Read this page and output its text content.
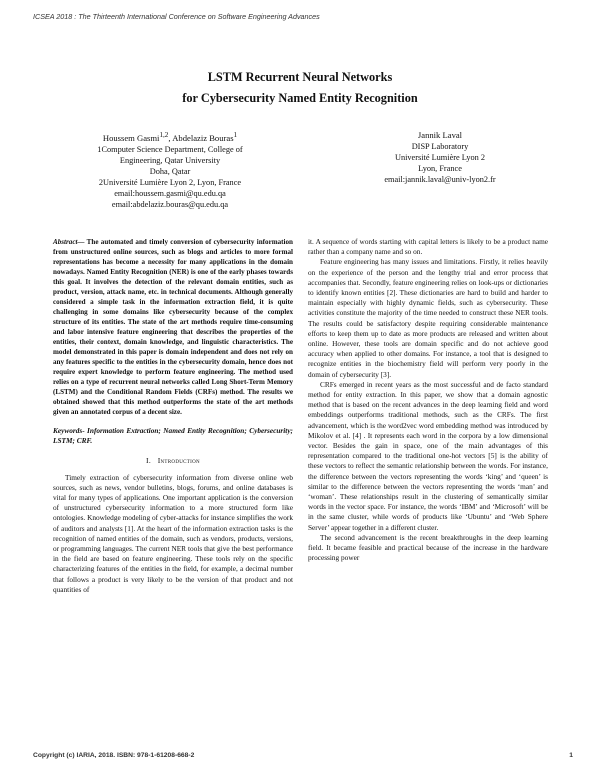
ICSEA 2018 : The Thirteenth International Conference on Software Engineering Advances
LSTM Recurrent Neural Networks
for Cybersecurity Named Entity Recognition
Houssem Gasmi$^{1,2}$, Abdelaziz Bouras$^1$
1Computer Science Department, College of
Engineering, Qatar University
Doha, Qatar
2Université Lumière Lyon 2, Lyon, France
email:houssem.gasmi@qu.edu.qa
email:abdelaziz.bouras@qu.edu.qa
Jannik Laval
DISP Laboratory
Université Lumière Lyon 2
Lyon, France
email:jannik.laval@univ-lyon2.fr

Abstract— The automated and timely conversion of cybersecurity information from unstructured online sources, such as blogs and articles to more formal representations has become a necessity for many applications in the domain nowadays. Named Entity Recognition (NER) is one of the early phases towards this goal. It involves the detection of the relevant domain entities, such as product, version, attack name, etc. in technical documents. Although generally considered a simple task in the information extraction field, it is quite challenging in some domains like cybersecurity because of the complex structure of its entities. The state of the art methods require time-consuming and labor intensive feature engineering that describes the properties of the entities, their context, domain knowledge, and linguistic characteristics. The model demonstrated in this paper is domain independent and does not rely on any features specific to the entities in the cybersecurity domain, hence does not require expert knowledge to perform feature engineering. The method used relies on a type of recurrent neural networks called Long Short-Term Memory (LSTM) and the Conditional Random Fields (CRFs) method. The results we obtained showed that this method outperforms the state of the art methods given an annotated corpus of a decent size.

Keywords- Information Extraction; Named Entity Recognition; Cybersecurity; LSTM; CRF.

I. Introduction

Timely extraction of cybersecurity information from diverse online web sources, such as news, vendor bulletins, blogs, forums, and online databases is vital for many types of applications. One important application is the conversion of unstructured cybersecurity information to a more structured form like ontologies. Knowledge modeling of cyber-attacks for instance simplifies the work of auditors and analysts [1]. At the heart of the information extraction tasks is the recognition of named entities of the domain, such as vendors, products, versions, or programming languages. The current NER tools that give the best performance in the field are based on feature engineering. These tools rely on the specific characterizing features of the entities in the field, for example, a decimal number that follows a product is very likely to be the version of that product and not quantities of

it. A sequence of words starting with capital letters is likely to be a product name rather than a company name and so on.

Feature engineering has many issues and limitations. Firstly, it relies heavily on the experience of the person and the lengthy trial and error process that accompanies that. Secondly, feature engineering relies on look-ups or dictionaries to identify known entities [2]. These dictionaries are hard to build and harder to maintain especially with highly dynamic fields, such as cybersecurity. These activities constitute the majority of the time needed to construct these NER tools. The results could be satisfactory despite requiring considerable maintenance efforts to keep them up to date as more products are released and written about online. However, these tools are domain specific and do not achieve good accuracy when applied to other domains. For instance, a tool that is designed to recognize entities in the biochemistry field will perform very poorly in the domain of cybersecurity [3].

CRFs emerged in recent years as the most successful and de facto standard method for entity extraction. In this paper, we show that a domain agnostic method that is based on the recent advances in the deep learning field and word embeddings outperforms traditional methods, such as the CRFs. The first advancement, which is the word2vec word embedding method was introduced by Mikolov et al. [4] . It represents each word in the corpora by a low dimensional vector. Besides the gain in space, one of the main advantages of this representation compared to the traditional one-hot vectors [5] is the ability of these vectors to reflect the semantic relationship between the words. For instance, the difference between the vectors representing the words ‘king’ and ‘queen’ is similar to the difference between the vectors representing the words ‘man’ and ‘woman’. These relationships result in the clustering of semantically similar words in the vector space. For instance, the words ‘IBM’ and ‘Microsoft’ will be in the same cluster, while words of products like ‘Ubuntu’ and ‘Web Sphere Server’ appear together in a different cluster.

The second advancement is the recent breakthroughs in the deep learning field. It became feasible and practical because of the increase in the hardware processing power

Copyright (c) IARIA, 2018. ISBN: 978-1-61208-668-2	1
